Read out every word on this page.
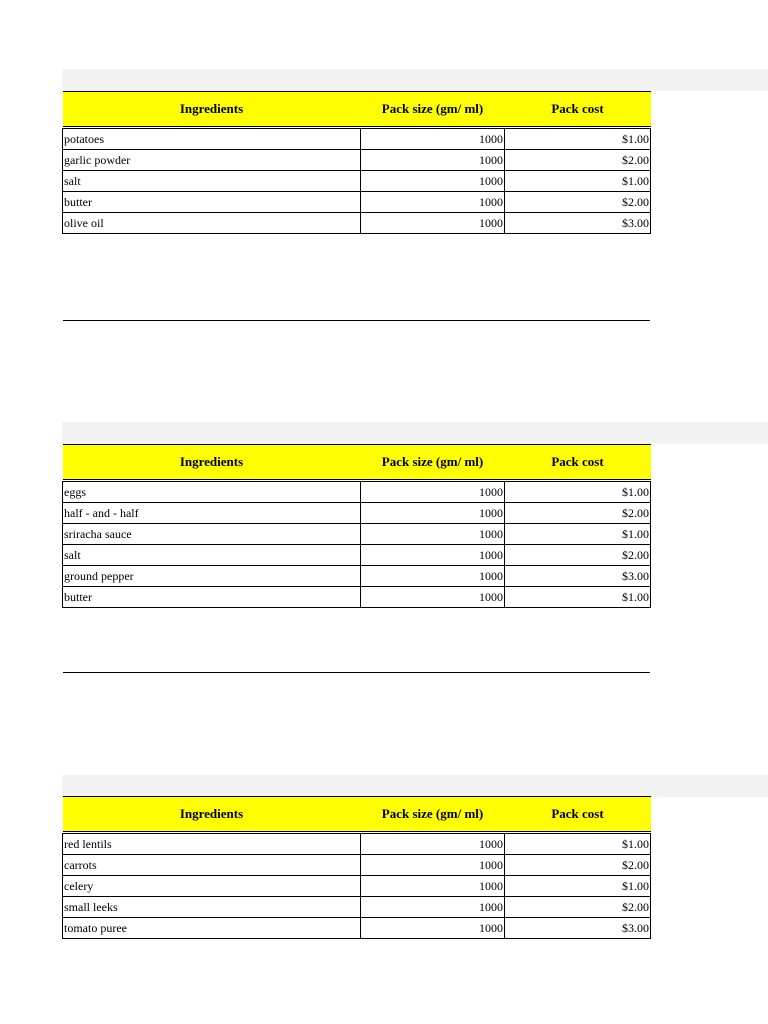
Ingredients	Pack size (gm/ ml)	Pack cost

potatoes	1000	$1.00
garlic powder	1000	$2.00
salt	1000	$1.00
butter	1000	$2.00
olive oil	1000	$3.00
Ingredients	Pack size (gm/ ml)	Pack cost

eggs	1000	$1.00
half - and - half	1000	$2.00
sriracha sauce	1000	$1.00
salt	1000	$2.00
ground pepper	1000	$3.00
butter	1000	$1.00
Ingredients	Pack size (gm/ ml)	Pack cost

red lentils	1000	$1.00
carrots	1000	$2.00
celery	1000	$1.00
small leeks	1000	$2.00
tomato puree	1000	$3.00
